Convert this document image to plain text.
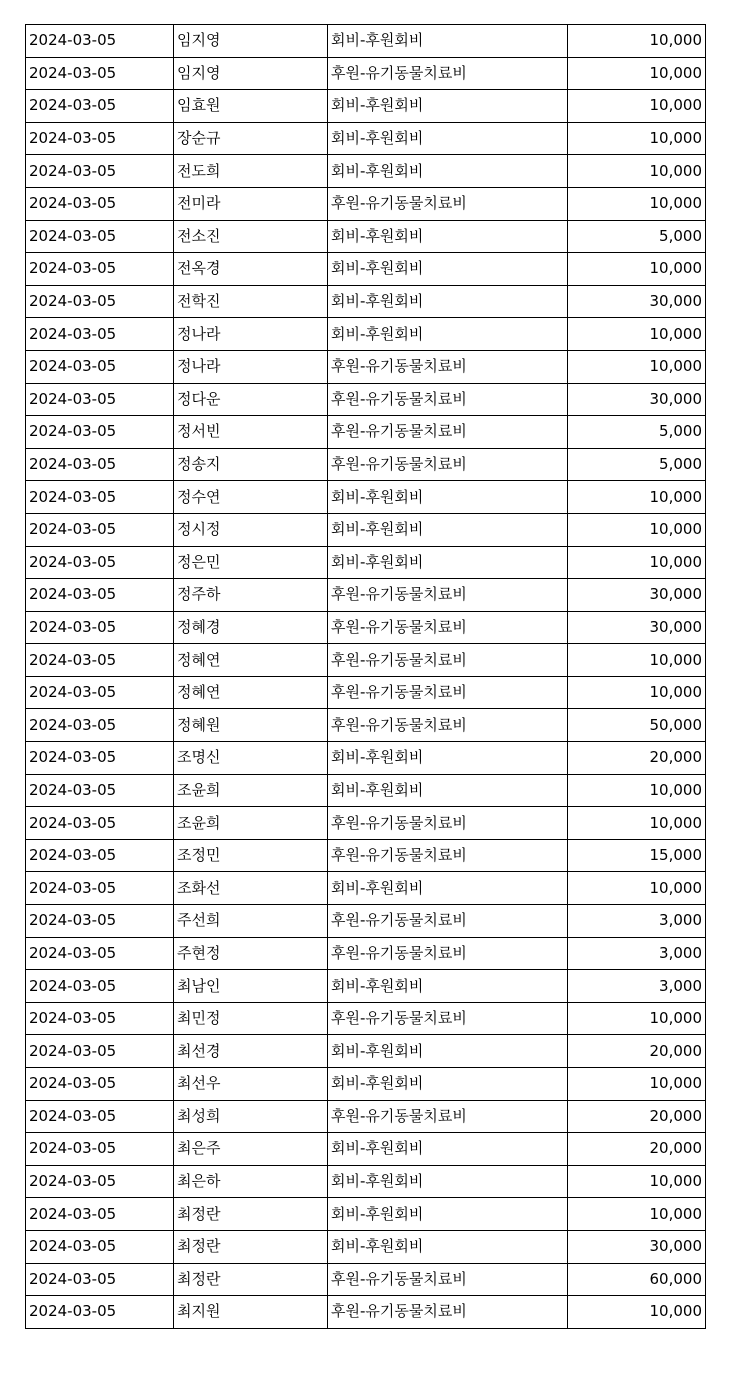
2024-03-05	임지영	회비-후원회비	10,000
2024-03-05	임지영	후원-유기동물치료비	10,000
2024-03-05	임효원	회비-후원회비	10,000
2024-03-05	장순규	회비-후원회비	10,000
2024-03-05	전도희	회비-후원회비	10,000
2024-03-05	전미라	후원-유기동물치료비	10,000
2024-03-05	전소진	회비-후원회비	5,000
2024-03-05	전옥경	회비-후원회비	10,000
2024-03-05	전학진	회비-후원회비	30,000
2024-03-05	정나라	회비-후원회비	10,000
2024-03-05	정나라	후원-유기동물치료비	10,000
2024-03-05	정다운	후원-유기동물치료비	30,000
2024-03-05	정서빈	후원-유기동물치료비	5,000
2024-03-05	정송지	후원-유기동물치료비	5,000
2024-03-05	정수연	회비-후원회비	10,000
2024-03-05	정시정	회비-후원회비	10,000
2024-03-05	정은민	회비-후원회비	10,000
2024-03-05	정주하	후원-유기동물치료비	30,000
2024-03-05	정혜경	후원-유기동물치료비	30,000
2024-03-05	정혜연	후원-유기동물치료비	10,000
2024-03-05	정혜연	후원-유기동물치료비	10,000
2024-03-05	정혜원	후원-유기동물치료비	50,000
2024-03-05	조명신	회비-후원회비	20,000
2024-03-05	조윤희	회비-후원회비	10,000
2024-03-05	조윤희	후원-유기동물치료비	10,000
2024-03-05	조정민	후원-유기동물치료비	15,000
2024-03-05	조화선	회비-후원회비	10,000
2024-03-05	주선희	후원-유기동물치료비	3,000
2024-03-05	주현정	후원-유기동물치료비	3,000
2024-03-05	최남인	회비-후원회비	3,000
2024-03-05	최민정	후원-유기동물치료비	10,000
2024-03-05	최선경	회비-후원회비	20,000
2024-03-05	최선우	회비-후원회비	10,000
2024-03-05	최성희	후원-유기동물치료비	20,000
2024-03-05	최은주	회비-후원회비	20,000
2024-03-05	최은하	회비-후원회비	10,000
2024-03-05	최정란	회비-후원회비	10,000
2024-03-05	최정란	회비-후원회비	30,000
2024-03-05	최정란	후원-유기동물치료비	60,000
2024-03-05	최지원	후원-유기동물치료비	10,000
